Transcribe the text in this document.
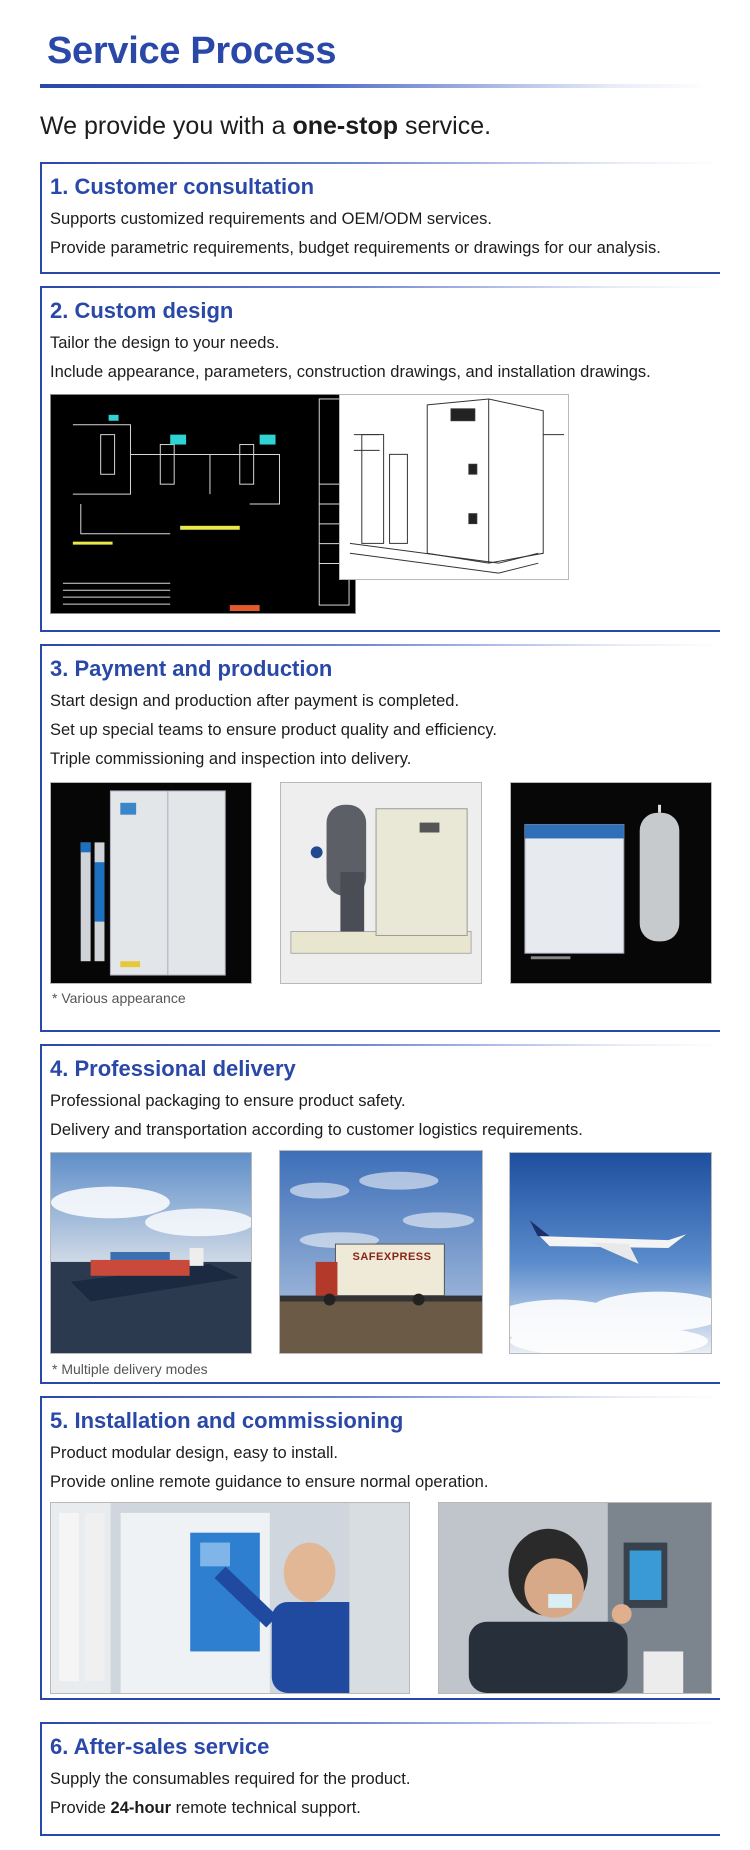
Service Process
We provide you with a one-stop service.
1. Customer consultation
Supports customized requirements and OEM/ODM services.
Provide parametric requirements, budget requirements or drawings for our analysis.
2. Custom design
Tailor the design to your needs.
Include appearance, parameters, construction drawings, and installation drawings.
3. Payment and production
Start design and production after payment is completed.
Set up special teams to ensure product quality and efficiency.
Triple commissioning and inspection into delivery.
* Various appearance
4. Professional delivery
Professional packaging to ensure product safety.
Delivery and transportation according to customer logistics requirements.
SAFEXPRESS
* Multiple delivery modes
5. Installation and commissioning
Product modular design, easy to install.
Provide online remote guidance to ensure normal operation.
6. After-sales service
Supply the consumables required for the product.
Provide 24-hour remote technical support.
